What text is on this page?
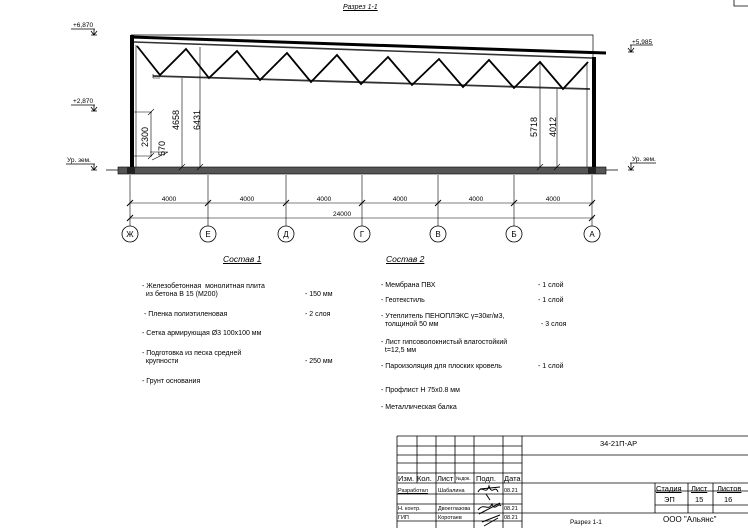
+6,870
+2,870
Ур. зем.
+5,985
Ур. зем.
2300
570
4658 6431	5718 4012
Ж
4000
Е
4000
Д
4000
Г
4000
В
4000
Б
4000
А
24000
Разрез 1-1
Состав 1
- Железобетонная  монолитная плита
из бетона В 15 (М200)	- 150 мм
- Пленка полиэтиленовая	- 2 слоя
- Сетка армирующая Ø3 100х100 мм
- Подготовка из песка средней
крупности	- 250 мм
- Грунт основания
Состав 2
- Мембрана ПВХ	- 1 слой
- Геотекстиль	- 1 слой
- Утеплитель ПЕНОПЛЭКС γ=30кг/м3,
толщиной 50 мм	- 3 слоя
- Лист гипсоволокнистый влагостойкий
t=12,5 мм
- Пароизоляция для плоских кровель	- 1 слой
- Профлист Н 75х0.8 мм
- Металлическая балка
34-21П-АР
Изм. Кол. Лист №док. Подп. Дата
Разработал Шабалина	08.21
Н. контр.	Двоеглазова	08.21
ГИП	Коротаев	08.21
Разрез 1-1
Стадия Лист Листов
ЭП	15	16
ООО "Альянс"
